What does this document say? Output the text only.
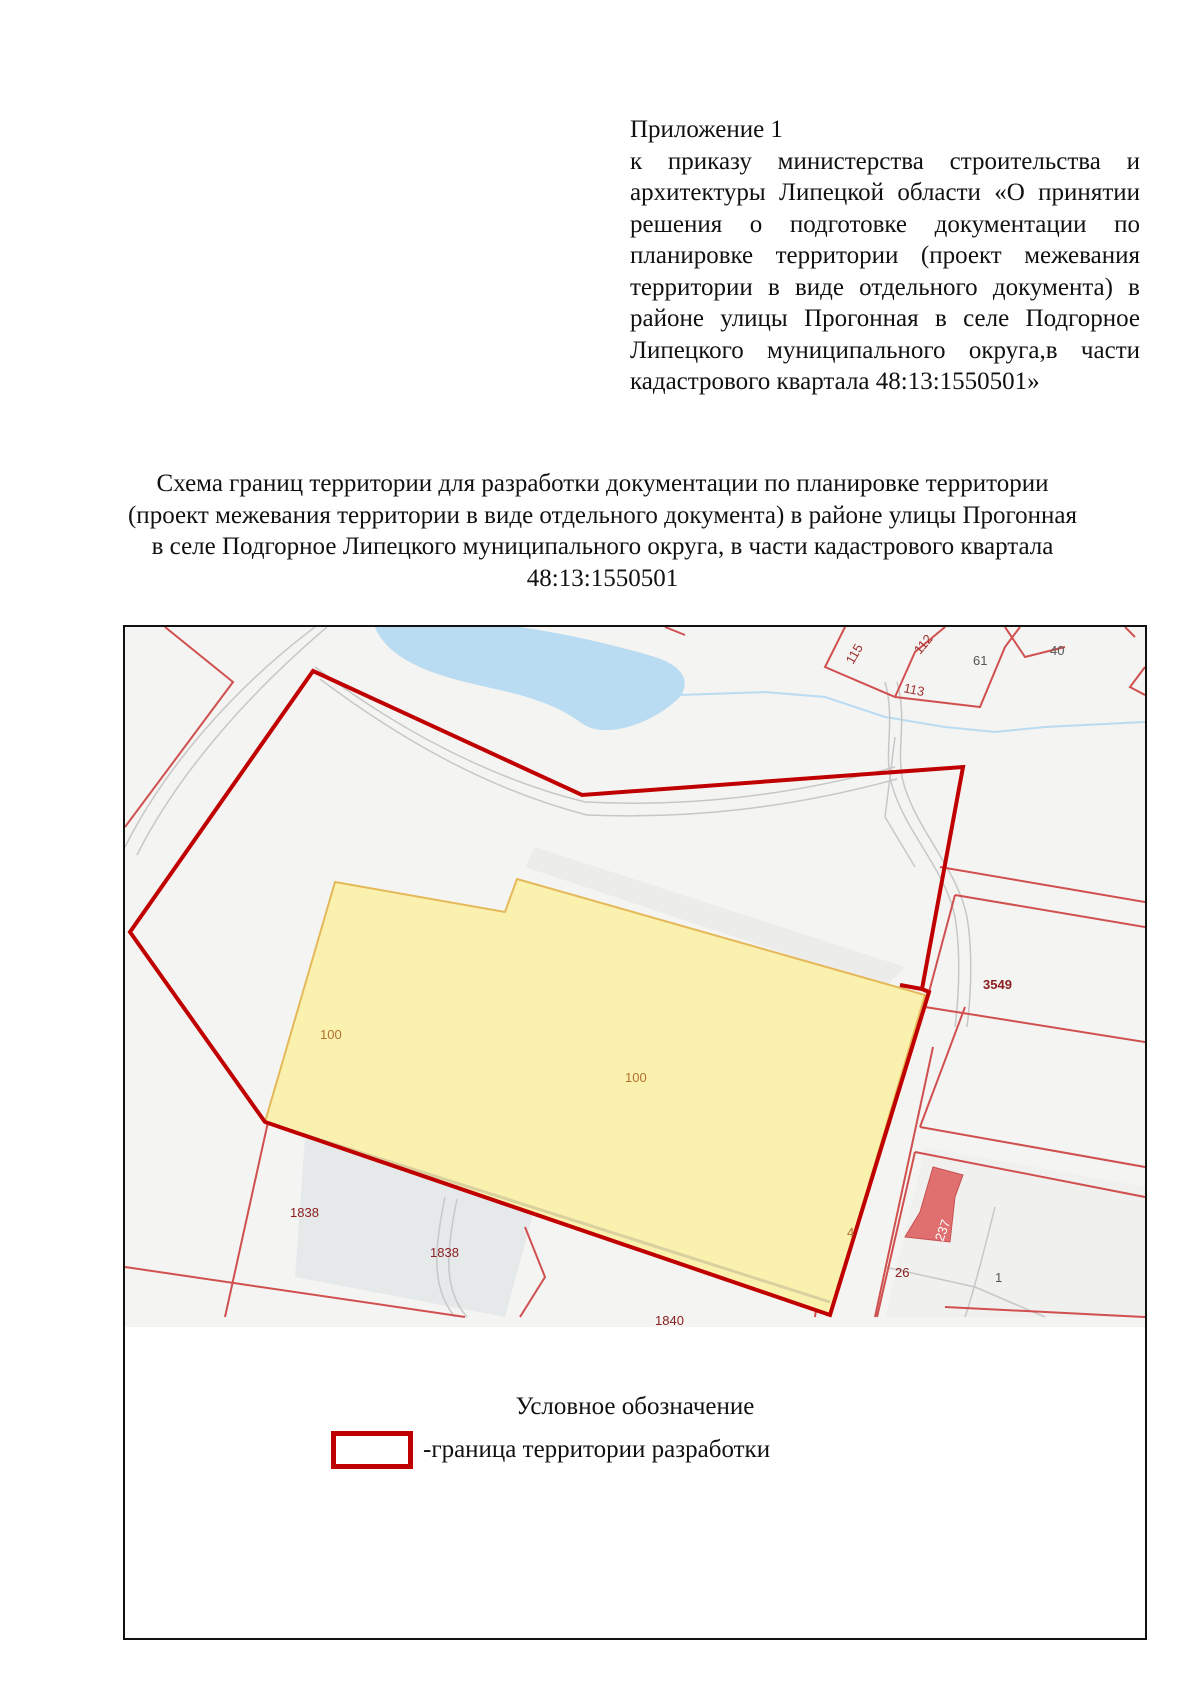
Приложение 1
к приказу министерства строительства и архитектуры Липецкой области «О принятии решения о подготовке документации по планировке территории (проект межевания территории в виде отдельного документа) в районе улицы Прогонная в селе Подгорное Липецкого муниципального округа,в части кадастрового квартала 48:13:1550501»
Схема границ территории для разработки документации по планировке территории (проект межевания территории в виде отдельного документа) в районе улицы Прогонная в селе Подгорное Липецкого муниципального округа, в части кадастрового квартала 48:13:1550501
115	112
113
61
40
3549
100
100
1838
1838
1840
26
237
1
4
Условное обозначение
-граница территории разработки
